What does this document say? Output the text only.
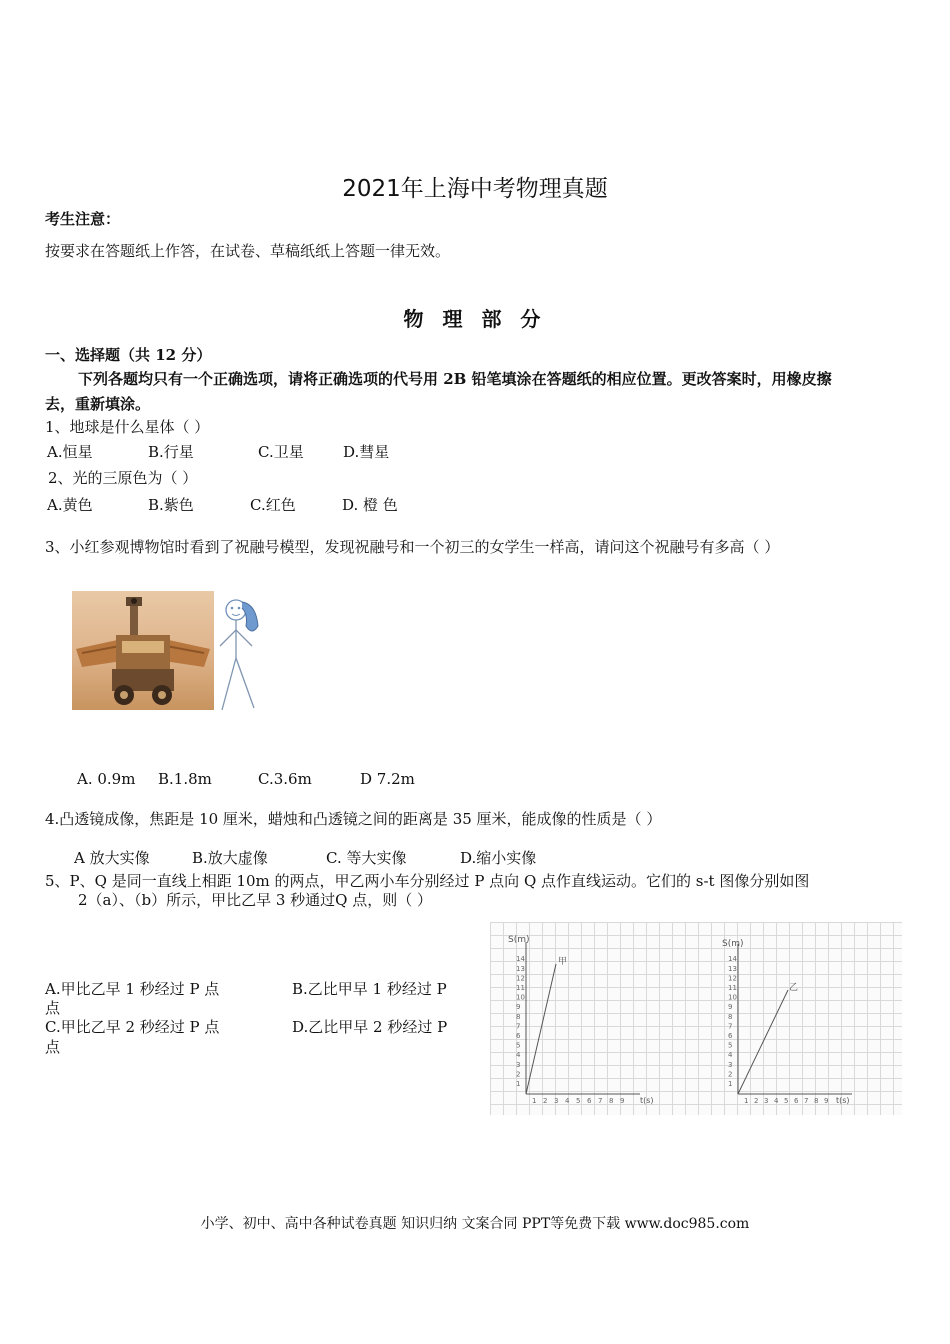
2021年上海中考物理真题
考生注意：
按要求在答题纸上作答，在试卷、草稿纸纸上答题一律无效。
物 理 部 分
一、选择题（共 12 分）
下列各题均只有一个正确选项，请将正确选项的代号用 2B 铅笔填涂在答题纸的相应位置。更改答案时，用橡皮擦
去，重新填涂。
1、地球是什么星体（ ）
A.恒星	B.行星	C.卫星	D.彗星
2、光的三原色为（ ）
A.黄色	B.紫色	C.红色	D. 橙 色
3、小红参观博物馆时看到了祝融号模型，发现祝融号和一个初三的女学生一样高，请问这个祝融号有多高（ ）
A. 0.9m B.1.8m	C.3.6m	D 7.2m
4.凸透镜成像，焦距是 10 厘米，蜡烛和凸透镜之间的距离是 35 厘米，能成像的性质是（ ）
A 放大实像	B.放大虚像	C. 等大实像	D.缩小实像
5、P、Q 是同一直线上相距 10m 的两点，甲乙两小车分别经过 P 点向 Q 点作直线运动。它们的 s-t 图像分别如图
2（a）、（b）所示，甲比乙早 3 秒通过Q 点，则（ ）
A.甲比乙早 1 秒经过 P 点	B.乙比甲早 1 秒经过 P
点
C.甲比乙早 2 秒经过 P 点	D.乙比甲早 2 秒经过 P
点
S(m)
甲
t(s)
1
2
3
4
5
6
7
8
9
10
11
12
13
14
1 2 3 4 5 6 7 8 9
S(m)
乙
t(s)
1
2
3
4
5
6
7
8
9
10
11
12
13
14
1 2 3 4 5 6 7 8 9
小学、初中、高中各种试卷真题 知识归纳 文案合同 PPT等免费下载 www.doc985.com
